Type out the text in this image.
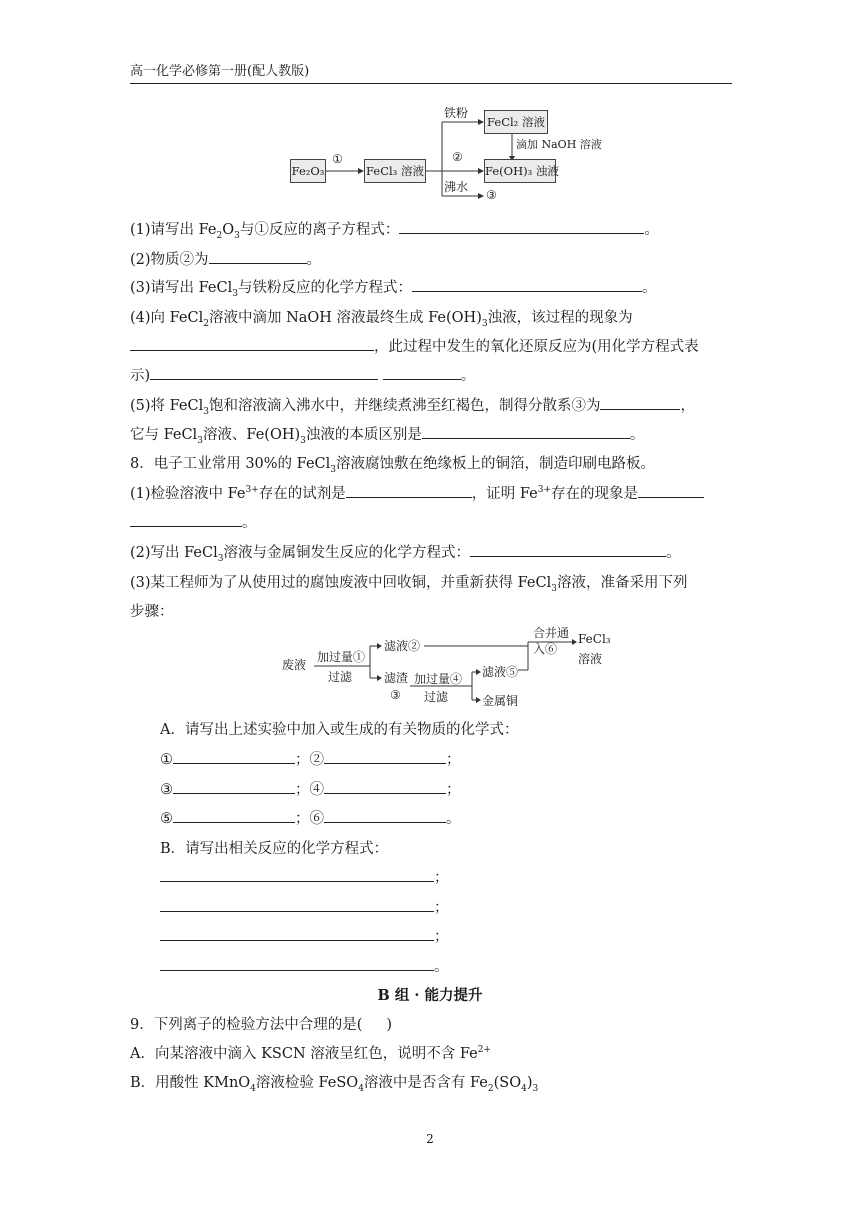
高一化学必修第一册(配人教版)
Fe₂O₃
①
FeCl₃ 溶液
铁粉
FeCl₂ 溶液
滴加 NaOH 溶液
②
Fe(OH)₃ 浊液
沸水
③
(1)请写出 $Fe_2O_3$与①反应的离子方程式：	。
(2)物质②为	。
(3)请写出 FeCl$_3$与铁粉反应的化学方程式：	。
(4)向 FeCl$_2$溶液中滴加 NaOH 溶液最终生成 $Fe(OH)_3$浊液，该过程的现象为
，此过程中发生的氧化还原反应为(用化学方程式表
示)	。
(5)将 FeCl$_3$饱和溶液滴入沸水中，并继续煮沸至红褐色，制得分散系③为	，
它与 FeCl$_3$溶液、$Fe(OH)_3$浊液的本质区别是	。
8．电子工业常用 30%的 FeCl$_3$溶液腐蚀敷在绝缘板上的铜箔，制造印刷电路板。
(1)检验溶液中 $Fe^{3+}$存在的试剂是	，证明 $Fe^{3+}$存在的现象是
。
(2)写出 FeCl$_3$溶液与金属铜发生反应的化学方程式：	。
(3)某工程师为了从使用过的腐蚀废液中回收铜，并重新获得 FeCl$_3$溶液，准备采用下列
步骤：
废液
加过量①
过滤
滤液②
合并通
入⑥
FeCl₃
溶液
滤渣
③
加过量④
过滤
滤液⑤
金属铜
A．请写出上述实验中加入或生成的有关物质的化学式：
①	；②	；
③	；④	；
⑤	；⑥	。
B．请写出相关反应的化学方程式：
；
；
；
。
B 组 · 能力提升
9．下列离子的检验方法中合理的是( )
A．向某溶液中滴入 KSCN 溶液呈红色，说明不含 $Fe^{2+}$
B．用酸性 KMnO$_4$溶液检验 FeSO$_4$溶液中是否含有 $Fe_2(SO_4)_3$
2
